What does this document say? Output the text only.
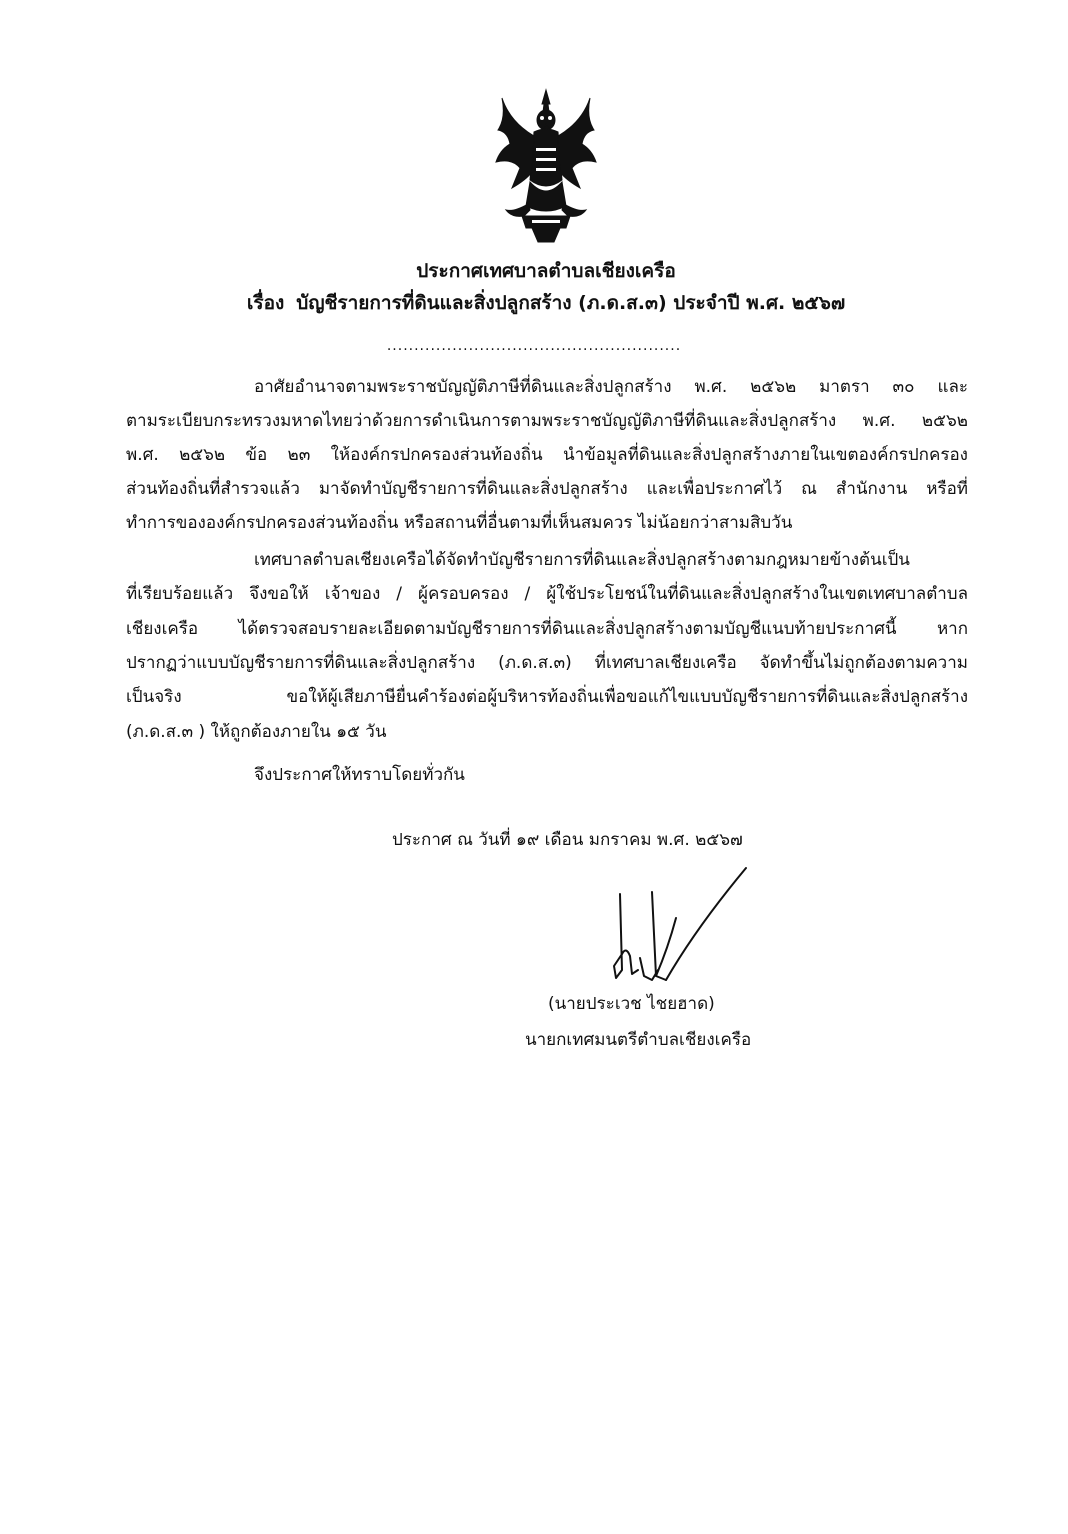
ประกาศเทศบาลตำบลเชียงเครือ
เรื่อง บัญชีรายการที่ดินและสิ่งปลูกสร้าง (ภ.ด.ส.๓) ประจำปี พ.ศ. ๒๕๖๗
......................................................
อาศัยอำนาจตามพระราชบัญญัติภาษีที่ดินและสิ่งปลูกสร้าง พ.ศ. ๒๕๖๒ มาตรา ๓๐ และ
ตามระเบียบกระทรวงมหาดไทยว่าด้วยการดำเนินการตามพระราชบัญญัติภาษีที่ดินและสิ่งปลูกสร้าง พ.ศ. ๒๕๖๒
พ.ศ. ๒๕๖๒ ข้อ ๒๓ ให้องค์กรปกครองส่วนท้องถิ่น นำข้อมูลที่ดินและสิ่งปลูกสร้างภายในเขตองค์กรปกครอง
ส่วนท้องถิ่นที่สำรวจแล้ว มาจัดทำบัญชีรายการที่ดินและสิ่งปลูกสร้าง และเพื่อประกาศไว้ ณ สำนักงาน หรือที่
ทำการขององค์กรปกครองส่วนท้องถิ่น หรือสถานที่อื่นตามที่เห็นสมควร ไม่น้อยกว่าสามสิบวัน
เทศบาลตำบลเชียงเครือได้จัดทำบัญชีรายการที่ดินและสิ่งปลูกสร้างตามกฎหมายข้างต้นเป็น
ที่เรียบร้อยแล้ว จึงขอให้ เจ้าของ / ผู้ครอบครอง / ผู้ใช้ประโยชน์ในที่ดินและสิ่งปลูกสร้างในเขตเทศบาลตำบล
เชียงเครือ ได้ตรวจสอบรายละเอียดตามบัญชีรายการที่ดินและสิ่งปลูกสร้างตามบัญชีแนบท้ายประกาศนี้ หาก
ปรากฏว่าแบบบัญชีรายการที่ดินและสิ่งปลูกสร้าง (ภ.ด.ส.๓) ที่เทศบาลเชียงเครือ จัดทำขึ้นไม่ถูกต้องตามความ
เป็นจริง ขอให้ผู้เสียภาษียื่นคำร้องต่อผู้บริหารท้องถิ่นเพื่อขอแก้ไขแบบบัญชีรายการที่ดินและสิ่งปลูกสร้าง
(ภ.ด.ส.๓ ) ให้ถูกต้องภายใน ๑๕ วัน
จึงประกาศให้ทราบโดยทั่วกัน
ประกาศ ณ วันที่ ๑๙ เดือน มกราคม พ.ศ. ๒๕๖๗
(นายประเวช ไชยฮาด)
นายกเทศมนตรีตำบลเชียงเครือ
